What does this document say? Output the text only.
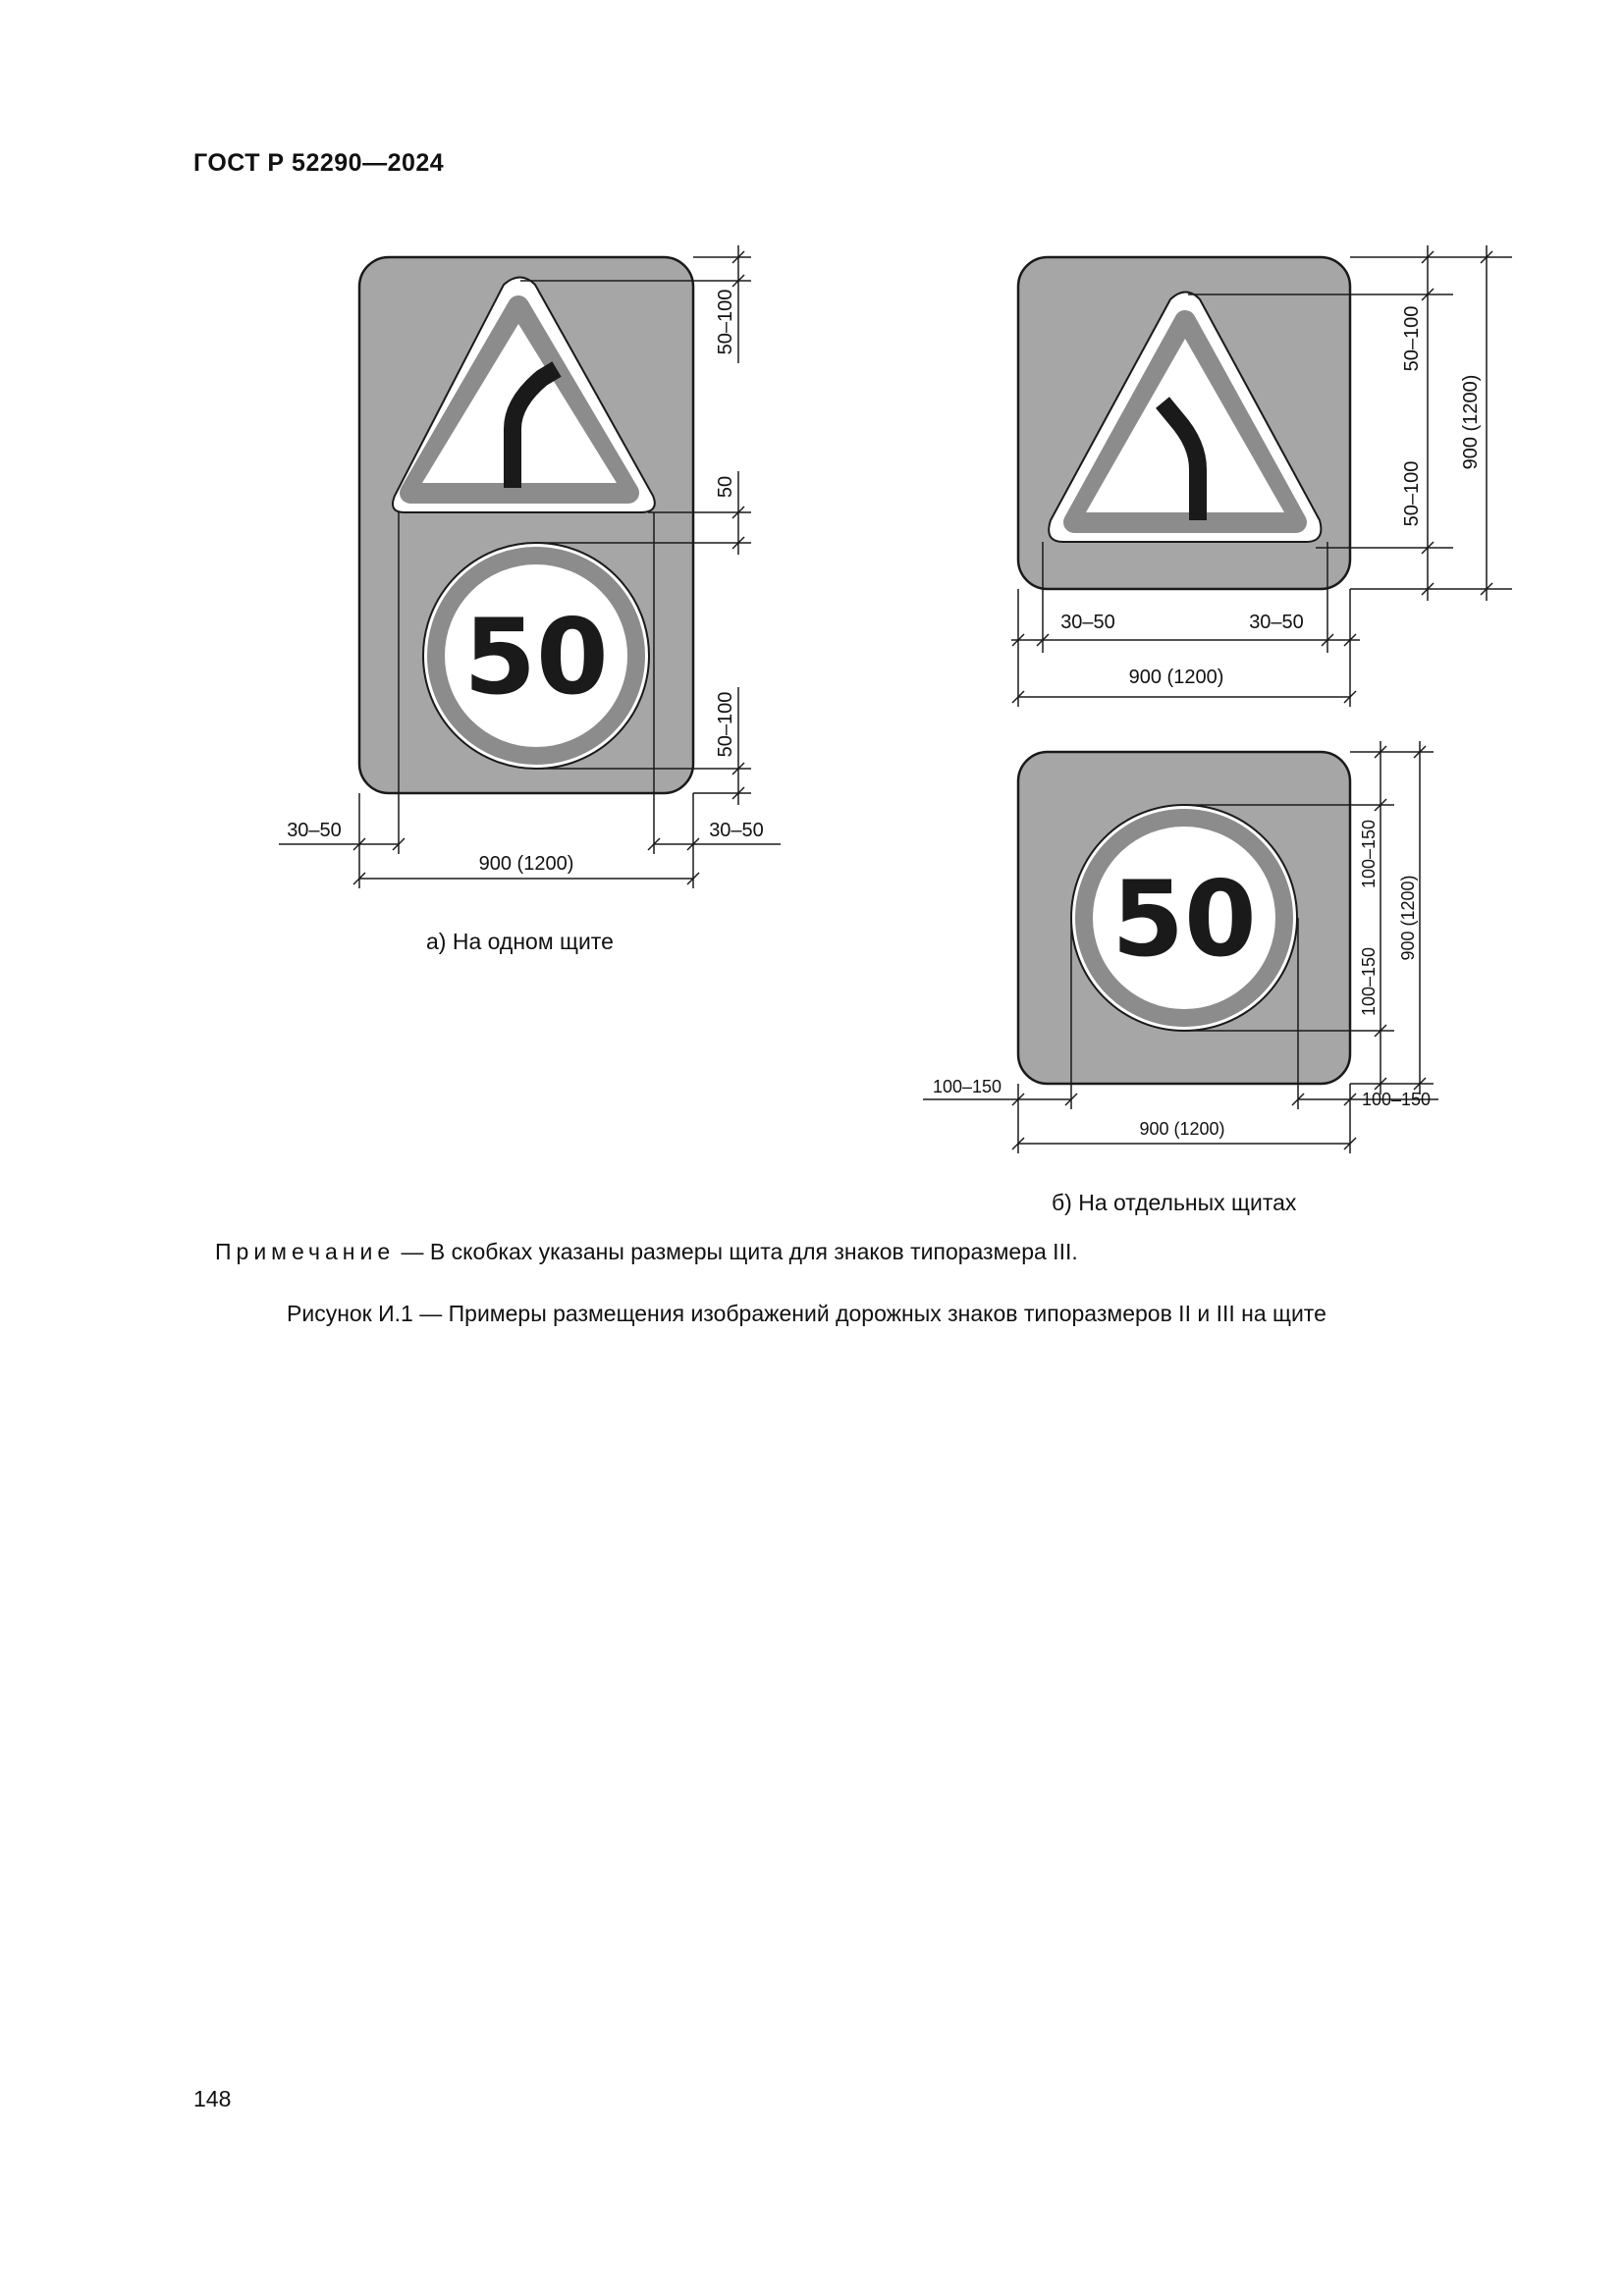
ГОСТ Р 52290—2024
50
50–100
50
50–100
30–50	30–50
900 (1200)
50–100
50–100
900 (1200)
30–50	30–50
900 (1200)
50
100–150
100–150
900 (1200)
100–150
100–150
900 (1200)
а) На одном щите
б) На отдельных щитах
Примечание — В скобках указаны размеры щита для знаков типоразмера III.
Рисунок И.1 — Примеры размещения изображений дорожных знаков типоразмеров II и III на щите
148
